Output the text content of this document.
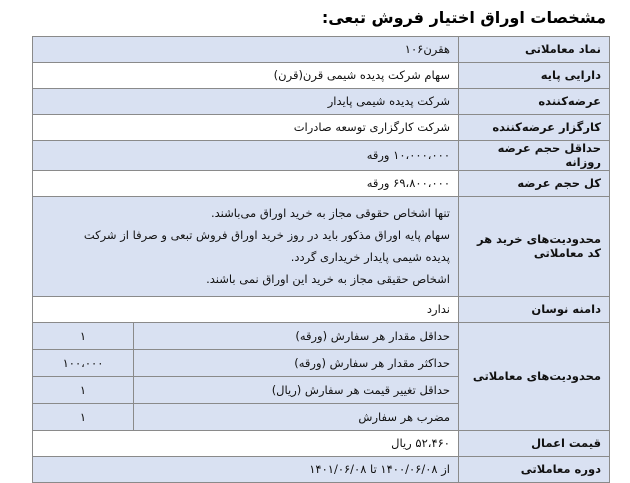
مشخصات اوراق اختیار فروش تبعی:
نماد معاملاتی	هقرن۱۰۶
دارایی پایه	سهام شرکت پدیده شیمی قرن(قرن)
عرضه‌کننده	شرکت پدیده شیمی پایدار
کارگزار عرضه‌کننده	شرکت کارگزاری توسعه صادرات
حداقل حجم عرضه روزانه	۱۰،۰۰۰،۰۰۰ ورقه
کل حجم عرضه	۶۹،۸۰۰،۰۰۰ ورقه
محدودیت‌های خرید هر کد معاملاتی	
تنها اشخاص حقوقی مجاز به خرید اوراق می‌باشند.
سهام پایه اوراق مذکور باید در روز خرید اوراق فروش تبعی و صرفا از شرکت
پدیده شیمی پایدار خریداری گردد.
اشخاص حقیقی مجاز به خرید این اوراق نمی باشند.

دامنه نوسان	ندارد
محدودیت‌های معاملاتی	
حداقل مقدار هر سفارش (ورقه)	۱
حداکثر مقدار هر سفارش (ورقه)	۱۰۰،۰۰۰
حداقل تغییر قیمت هر سفارش (ریال)	۱
مضرب هر سفارش	۱

قیمت اعمال	۵۲،۴۶۰ ریال
دوره معاملاتی	از ۱۴۰۰/۰۶/۰۸ تا ۱۴۰۱/۰۶/۰۸
